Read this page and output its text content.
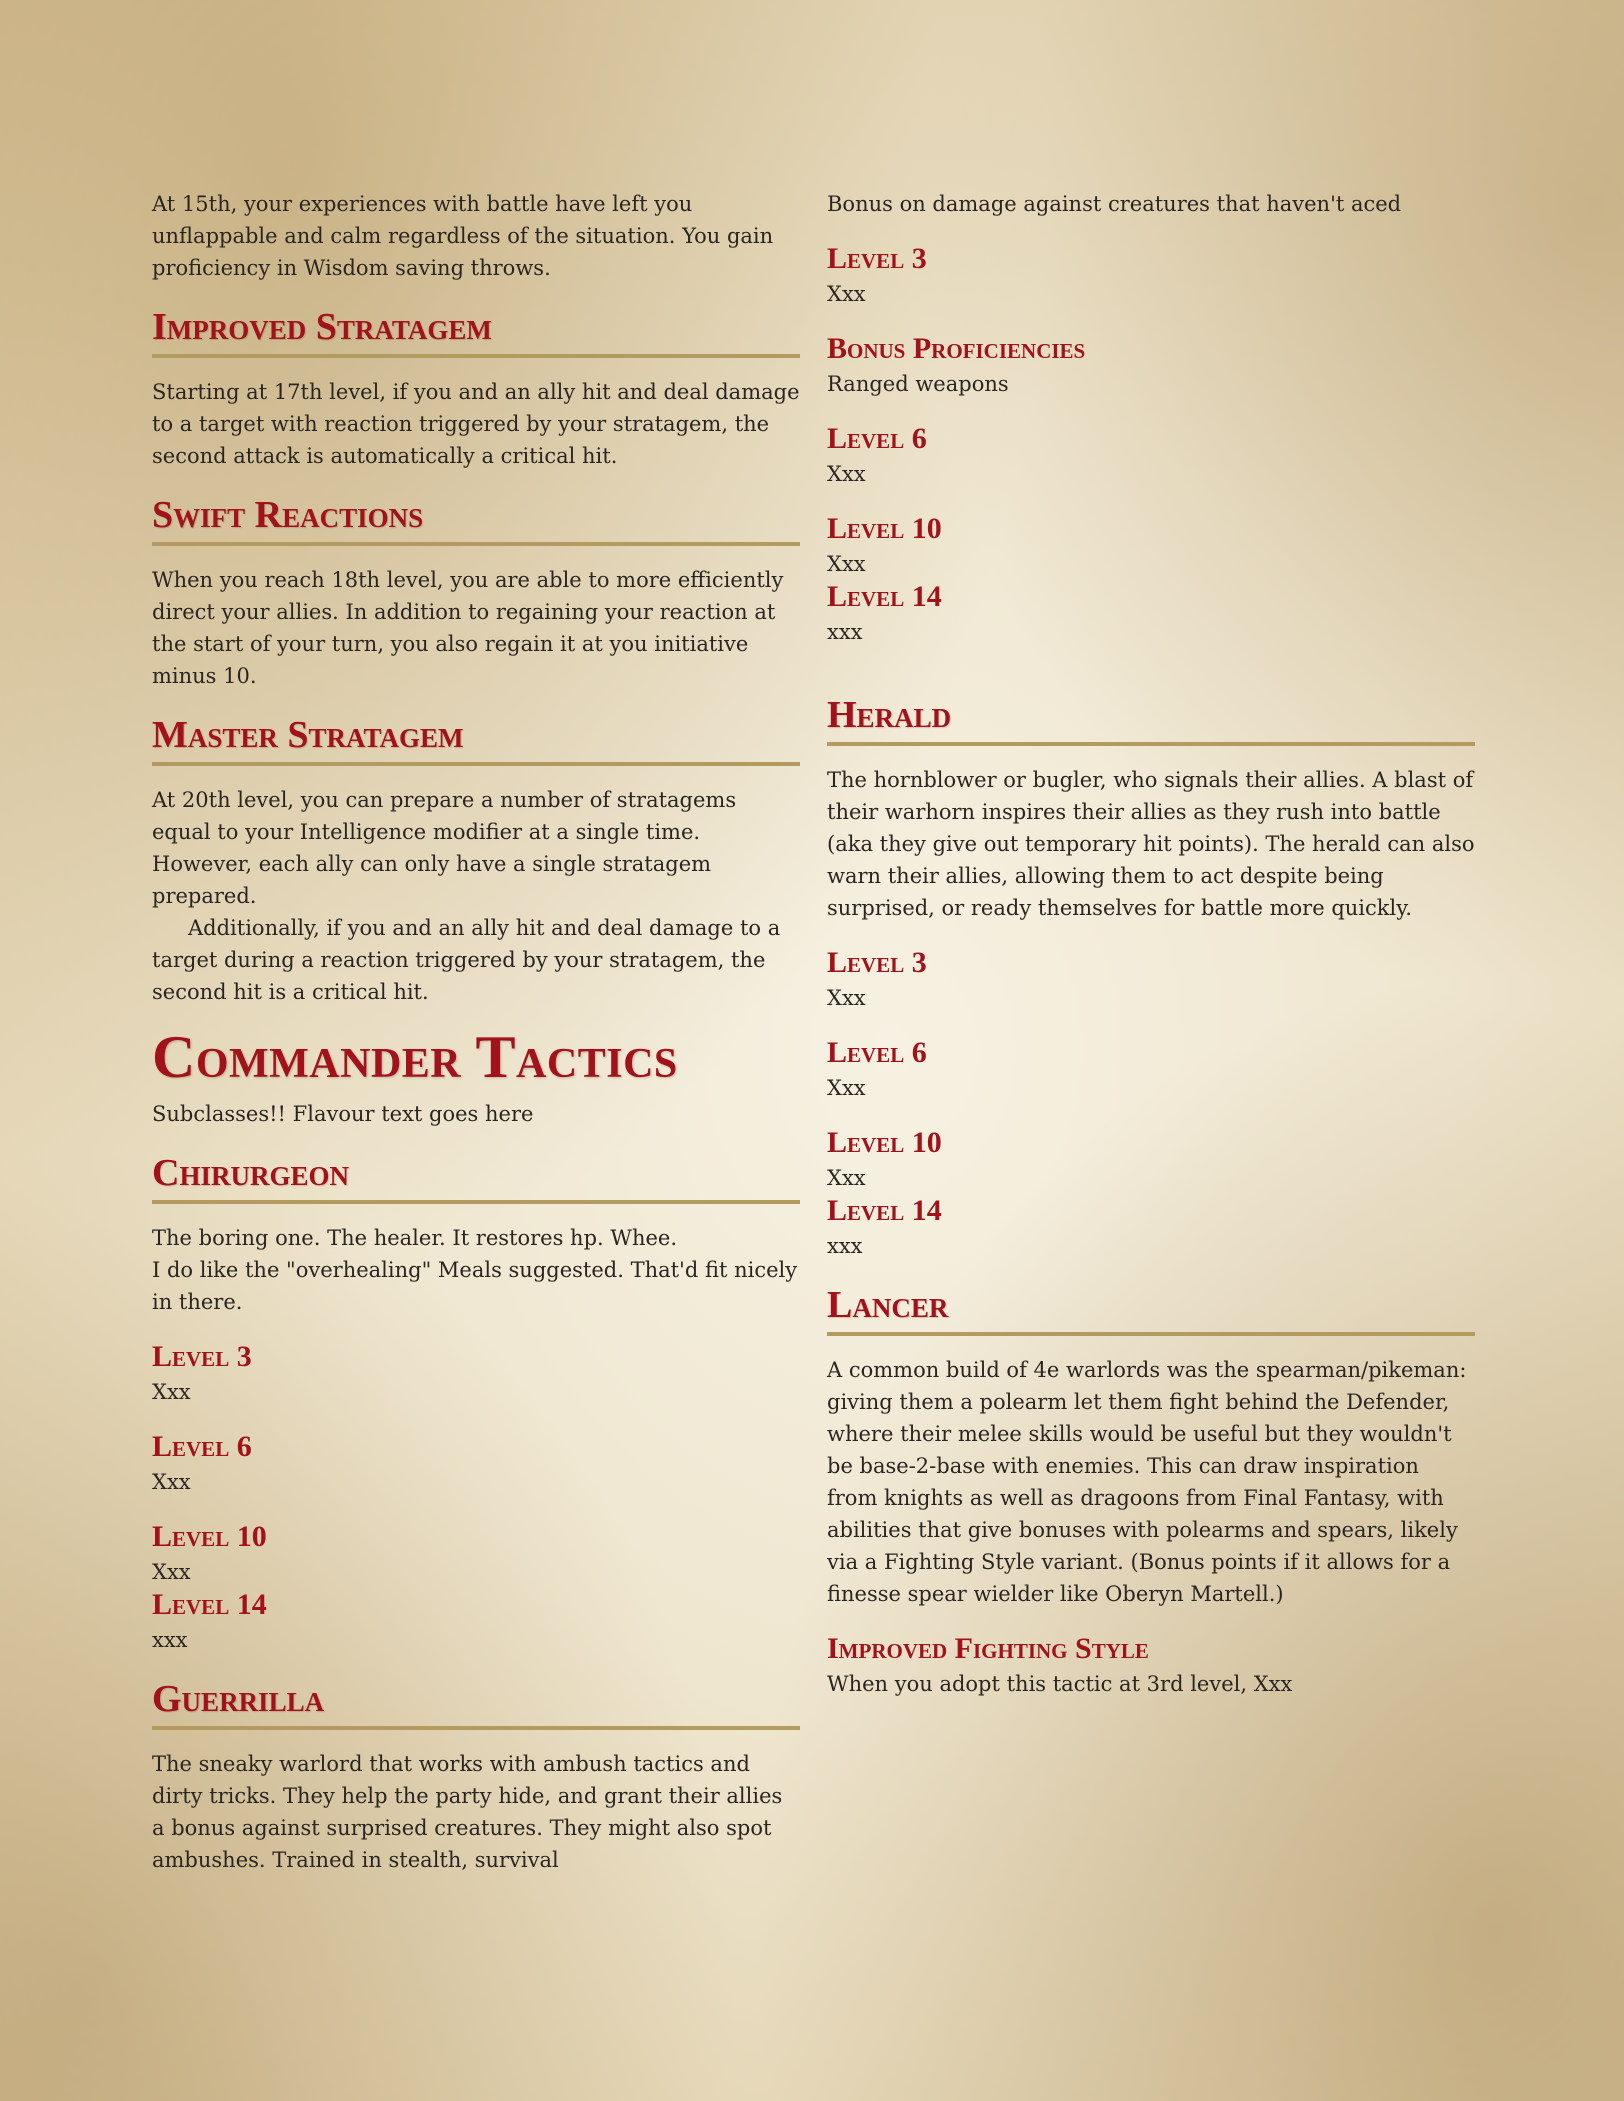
At 15th, your experiences with battle have left you unflappable and calm regardless of the situation. You gain proficiency in Wisdom saving throws.

Improved Stratagem

Starting at 17th level, if you and an ally hit and deal damage to a target with reaction triggered by your stratagem, the second attack is automatically a critical hit.

Swift Reactions

When you reach 18th level, you are able to more efficiently direct your allies. In addition to regaining your reaction at the start of your turn, you also regain it at you initiative minus 10.

Master Stratagem

At 20th level, you can prepare a number of stratagems equal to your Intelligence modifier at a single time. However, each ally can only have a single stratagem prepared.

Additionally, if you and an ally hit and deal damage to a target during a reaction triggered by your stratagem, the second hit is a critical hit.

Commander Tactics

Subclasses!! Flavour text goes here

Chirurgeon

The boring one. The healer. It restores hp. Whee.

I do like the "overhealing" Meals suggested. That'd fit nicely in there.

Level 3

Xxx

Level 6

Xxx

Level 10

Xxx

Level 14

xxx

Guerrilla

The sneaky warlord that works with ambush tactics and dirty tricks. They help the party hide, and grant their allies a bonus against surprised creatures. They might also spot ambushes. Trained in stealth, survival

Bonus on damage against creatures that haven't aced

Level 3

Xxx

Bonus Proficiencies

Ranged weapons

Level 6

Xxx

Level 10

Xxx

Level 14

xxx

Herald

The hornblower or bugler, who signals their allies. A blast of their warhorn inspires their allies as they rush into battle (aka they give out temporary hit points). The herald can also warn their allies, allowing them to act despite being surprised, or ready themselves for battle more quickly.

Level 3

Xxx

Level 6

Xxx

Level 10

Xxx

Level 14

xxx

Lancer

A common build of 4e warlords was the spearman/pikeman: giving them a polearm let them fight behind the Defender, where their melee skills would be useful but they wouldn't be base-2-base with enemies. This can draw inspiration from knights as well as dragoons from Final Fantasy, with abilities that give bonuses with polearms and spears, likely via a Fighting Style variant. (Bonus points if it allows for a finesse spear wielder like Oberyn Martell.)

Improved Fighting Style

When you adopt this tactic at 3rd level, Xxx
